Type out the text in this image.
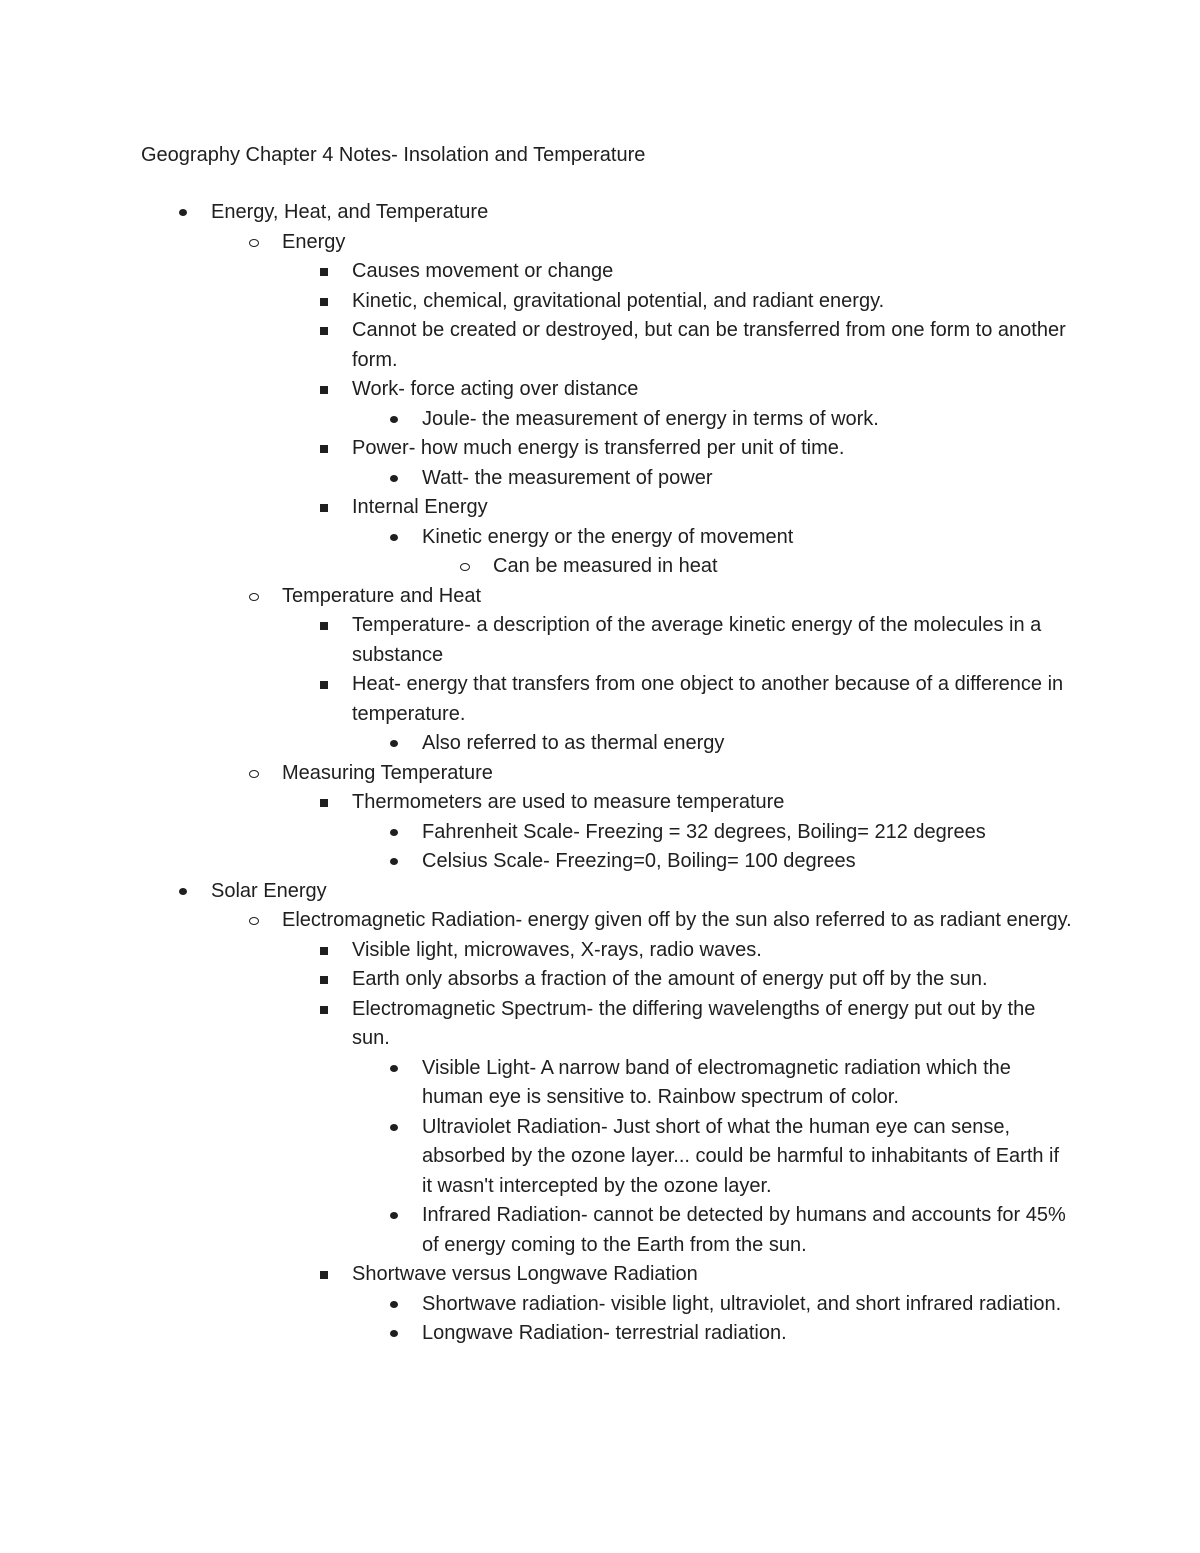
Geography Chapter 4 Notes- Insolation and Temperature
Energy, Heat, and Temperature
Energy
Causes movement or change
Kinetic, chemical, gravitational potential, and radiant energy.
Cannot be created or destroyed, but can be transferred from one form to another form.
Work- force acting over distance
Joule- the measurement of energy in terms of work.
Power- how much energy is transferred per unit of time.
Watt- the measurement of power
Internal Energy
Kinetic energy or the energy of movement
Can be measured in heat
Temperature and Heat
Temperature- a description of the average kinetic energy of the molecules in a substance
Heat- energy that transfers from one object to another because of a difference in temperature.
Also referred to as thermal energy
Measuring Temperature
Thermometers are used to measure temperature
Fahrenheit Scale- Freezing = 32 degrees, Boiling= 212 degrees
Celsius Scale- Freezing=0, Boiling= 100 degrees
Solar Energy
Electromagnetic Radiation- energy given off by the sun also referred to as radiant energy.
Visible light, microwaves, X-rays, radio waves.
Earth only absorbs a fraction of the amount of energy put off by the sun.
Electromagnetic Spectrum- the differing wavelengths of energy put out by the sun.
Visible Light- A narrow band of electromagnetic radiation which the human eye is sensitive to. Rainbow spectrum of color.
Ultraviolet Radiation- Just short of what the human eye can sense, absorbed by the ozone layer... could be harmful to inhabitants of Earth if it wasn't intercepted by the ozone layer.
Infrared Radiation- cannot be detected by humans and accounts for 45% of energy coming to the Earth from the sun.
Shortwave versus Longwave Radiation
Shortwave radiation- visible light, ultraviolet, and short infrared radiation.
Longwave Radiation- terrestrial radiation.
